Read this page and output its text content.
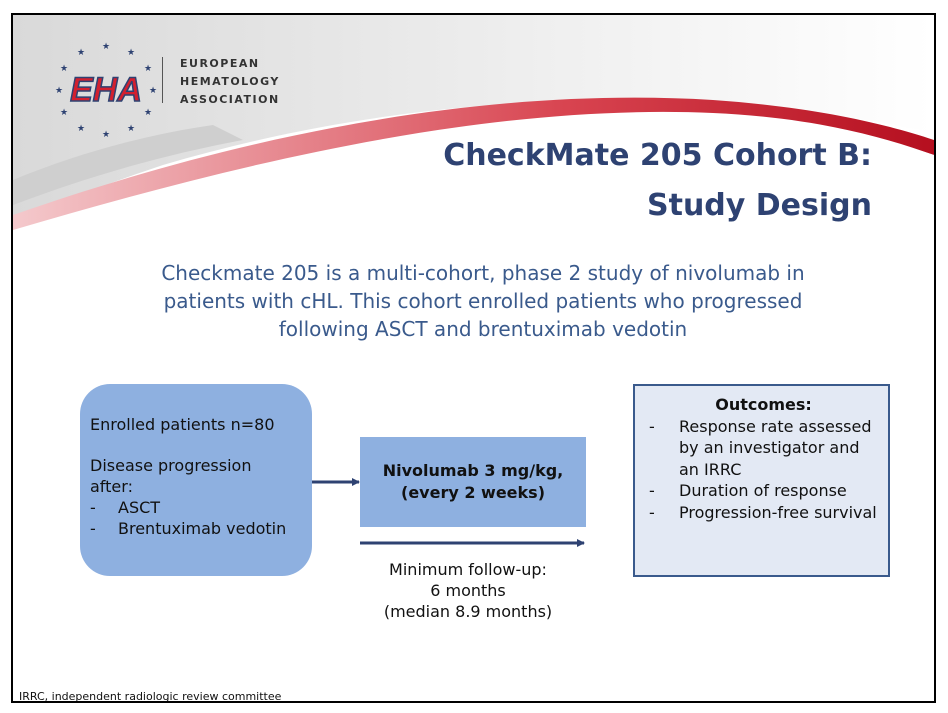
★
★
★
★
★
★
★
★
★
★
★
★
EHA
EUROPEAN
HEMATOLOGY
ASSOCIATION
CheckMate 205 Cohort B:
Study Design
Checkmate 205 is a multi-cohort, phase 2 study of nivolumab in
patients with cHL. This cohort enrolled patients who progressed
following ASCT and brentuximab vedotin
Enrolled patients n=80
Disease progression
after:
-	ASCT
-	Brentuximab vedotin
Nivolumab 3 mg/kg,
(every 2 weeks)
Minimum follow-up:
6 months
(median 8.9 months)
Outcomes:
-	Response rate assessed by an investigator and an IRRC
-	Duration of response
-	Progression-free survival
IRRC, independent radiologic review committee
